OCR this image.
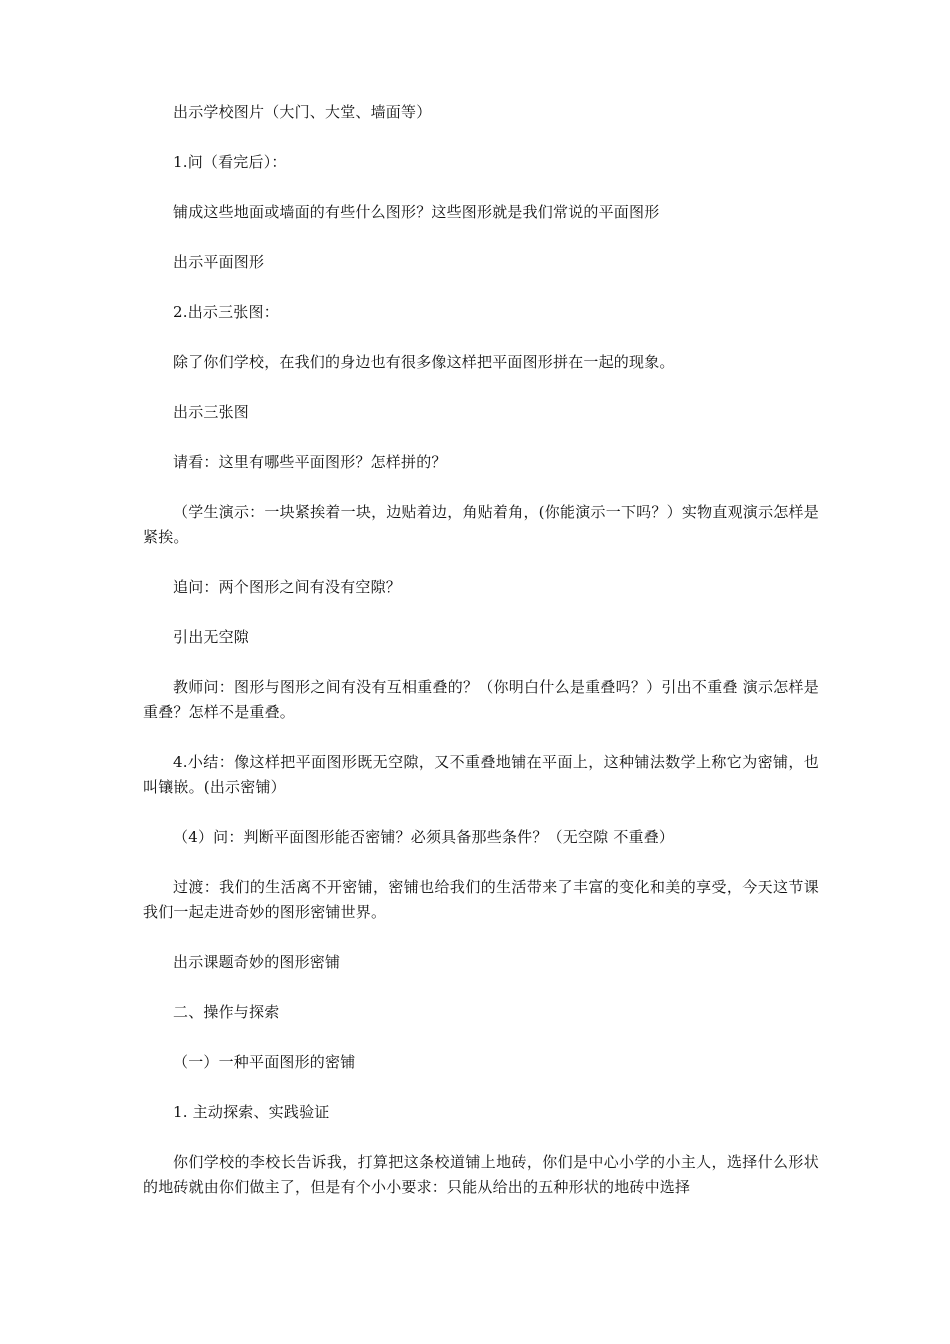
出示学校图片（大门、大堂、墙面等）

1.问（看完后）：

铺成这些地面或墙面的有些什么图形？这些图形就是我们常说的平面图形

出示平面图形

2.出示三张图：

除了你们学校，在我们的身边也有很多像这样把平面图形拼在一起的现象。

出示三张图

请看：这里有哪些平面图形？怎样拼的？

（学生演示：一块紧挨着一块，边贴着边，角贴着角，(你能演示一下吗？）实物直观演示怎样是紧挨。

追问：两个图形之间有没有空隙？

引出无空隙

教师问：图形与图形之间有没有互相重叠的？（你明白什么是重叠吗？）引出不重叠 演示怎样是重叠？怎样不是重叠。

4.小结：像这样把平面图形既无空隙，又不重叠地铺在平面上，这种铺法数学上称它为密铺，也叫镶嵌。(出示密铺）

（4）问：判断平面图形能否密铺？必须具备那些条件？（无空隙 不重叠）

过渡：我们的生活离不开密铺，密铺也给我们的生活带来了丰富的变化和美的享受，今天这节课我们一起走进奇妙的图形密铺世界。

出示课题奇妙的图形密铺

二、操作与探索

（一）一种平面图形的密铺

1. 主动探索、实践验证

你们学校的李校长告诉我，打算把这条校道铺上地砖，你们是中心小学的小主人，选择什么形状的地砖就由你们做主了，但是有个小小要求：只能从给出的五种形状的地砖中选择
